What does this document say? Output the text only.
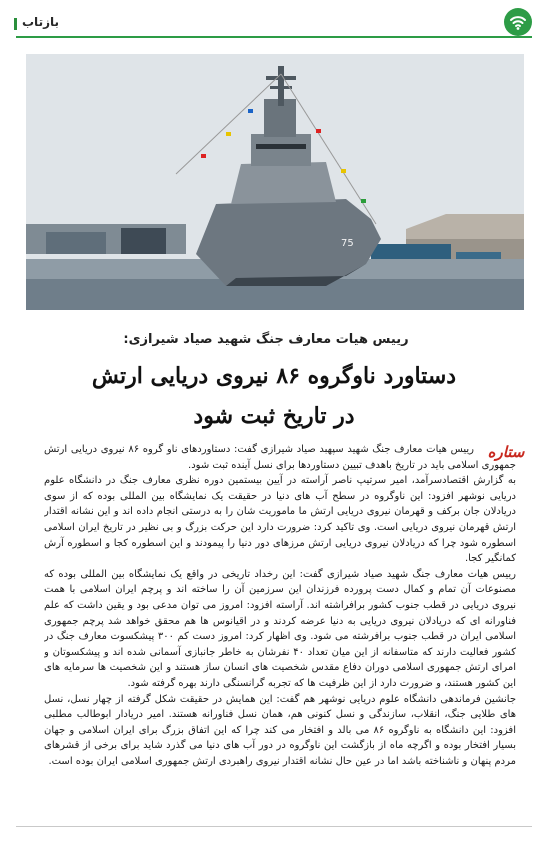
بازتاب
75
رییس هیات معارف جنگ شهید صیاد شیرازی:
دستاورد ناوگروه ۸۶ نیروی دریایی ارتش
در تاریخ ثبت شود
ستاره

رییس هیات معارف جنگ شهید سپهبد صیاد شیرازی گفت: دستاوردهای ناو گروه ۸۶ نیروی دریایی ارتش جمهوری اسلامی باید در تاریخ باهدف تبیین دستاوردها برای نسل آینده ثبت شود.

به گزارش اقتصادسرآمد، امیر سرتیپ ناصر آراسته در آیین بیستمین دوره نظری معارف جنگ در دانشگاه علوم دریایی نوشهر افزود: این ناوگروه در سطح آب های دنیا در حقیقت یک نمایشگاه بین المللی بوده که از سوی دریادلان جان برکف و قهرمان نیروی دریایی ارتش ما ماموریت شان را به درستی انجام داده اند و این نشانه اقتدار ارتش قهرمان نیروی دریایی است. وی تاکید کرد: ضرورت دارد این حرکت بزرگ و بی نظیر در تاریخ ایران اسلامی اسطوره شود چرا که دریادلان نیروی دریایی ارتش مرزهای دور دنیا را پیمودند و این اسطوره کجا و اسطوره آرش کمانگیر کجا.

رییس هیات معارف جنگ شهید صیاد شیرازی گفت: این رخداد تاریخی در واقع یک نمایشگاه بین المللی بوده که مصنوعات آن تمام و کمال دست پرورده فرزندان این سرزمین آن را ساخته اند و پرچم ایران اسلامی با همت نیروی دریایی در قطب جنوب کشور برافراشته اند. آراسته افزود: امروز می توان مدعی بود و یقین داشت که علم فناورانه ای که دریادلان نیروی دریایی به دنیا عرضه کردند و در اقیانوس ها هم محقق خواهد شد پرچم جمهوری اسلامی ایران در قطب جنوب برافرشته می شود. وی اظهار کرد: امروز دست کم ۳۰۰ پیشکسوت معارف جنگ در کشور فعالیت دارند که متاسفانه از این میان تعداد ۴۰ نفرشان به خاطر جانبازی آسمانی شده اند و پیشکسوتان و امرای ارتش جمهوری اسلامی دوران دفاع مقدس شخصیت های انسان ساز هستند و این شخصیت ها سرمایه های این کشور هستند، و ضرورت دارد از این ظرفیت ها که تجربه گرانسنگی دارند بهره گرفته شود.

جانشین فرماندهی دانشگاه علوم دریایی نوشهر هم گفت: این همایش در حقیقت شکل گرفته از چهار نسل، نسل های طلایی جنگ، انقلاب، سازندگی و نسل کنونی هم، همان نسل فناورانه هستند. امیر دریادار ابوطالب مطلبی افزود: این دانشگاه به ناوگروه ۸۶ می بالد و افتخار می کند چرا که این اتفاق بزرگ برای ایران اسلامی و جهان بسیار افتخار بوده و اگرچه ماه از بازگشت این ناوگروه در دور آب های دنیا می گذرد شاید برای برخی از قشرهای مردم پنهان و ناشناخته باشد اما در عین حال نشانه اقتدار نیروی راهبردی ارتش جمهوری اسلامی ایران بوده است.
